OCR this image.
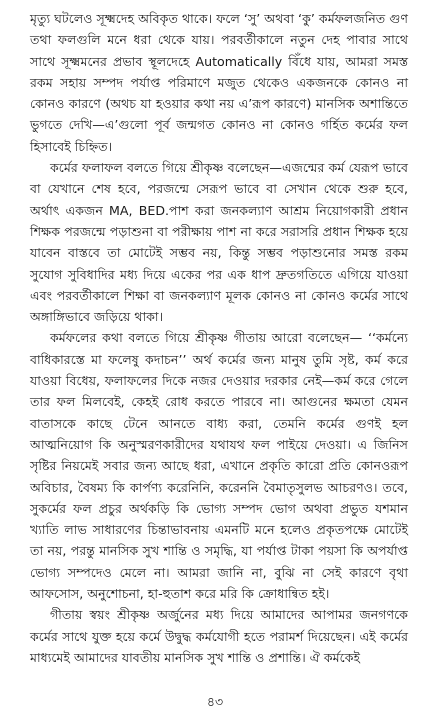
মৃত্যু ঘটলেও সূক্ষ্মদেহ অবিকৃত থাকে। ফলে ‘সু’ অথবা ‘কু’ কর্মফলজনিত গুণ তথা ফলগুলি মনে ধরা থেকে যায়। পরবর্তীকালে নতুন দেহ পাবার সাথে সাথে সূক্ষ্মমনের প্রভাব স্থূলদেহে Automatically বিঁধে যায়, আমরা সমস্ত রকম সহায় সম্পদ পর্যাপ্ত পরিমাণে মজুত থেকেও একজনকে কোনও না কোনও কারণে (অথচ যা হওয়ার কথা নয় এ’রূপ কারণে) মানসিক অশান্তিতে ভুগতে দেখি—এ’গুলো পূর্ব জন্মগত কোনও না কোনও গর্হিত কর্মের ফল হিসাবেই চিহ্নিত।

কর্মের ফলাফল বলতে গিয়ে শ্রীকৃষ্ণ বলেছেন—এজন্মের কর্ম যেরূপ ভাবে বা যেখানে শেষ হবে, পরজন্মে সেরূপ ভাবে বা সেখান থেকে শুরু হবে, অর্থাৎ একজন MA, BED.পাশ করা জনকল্যাণ আশ্রম নিয়োগকারী প্রধান শিক্ষক পরজন্মে পড়াশুনা বা পরীক্ষায় পাশ না করে সরাসরি প্রধান শিক্ষক হয়ে যাবেন বাস্তবে তা মোটেই সম্ভব নয়, কিন্তু সম্ভব পড়াশুনোর সমস্ত রকম সুযোগ সুবিধাদির মধ্য দিয়ে একের পর এক ধাপ দ্রুতগতিতে এগিয়ে যাওয়া এবং পরবর্তীকালে শিক্ষা বা জনকল্যাণ মূলক কোনও না কোনও কর্মের সাথে অঙ্গাঙ্গিভাবে জড়িয়ে থাকা।

কর্মফলের কথা বলতে গিয়ে শ্রীকৃষ্ণ গীতায় আরো বলেছেন— ‘‘কর্মন্যে বাধিকারস্তে মা ফলেষু কদাচন’’ অর্থ কর্মের জন্য মানুষ তুমি সৃষ্ট, কর্ম করে যাওয়া বিধেয়, ফলাফলের দিকে নজর দেওয়ার দরকার নেই—কর্ম করে গেলে তার ফল মিলবেই, কেহই রোধ করতে পারবে না। আগুনের ক্ষমতা যেমন বাতাসকে কাছে টেনে আনতে বাধ্য করা, তেমনি কর্মের গুণই হল আত্মনিয়োগ কি অনুস্মরণকারীদের যথাযথ ফল পাইয়ে দেওয়া। এ জিনিস সৃষ্টির নিয়মেই সবার জন্য আছে ধরা, এখানে প্রকৃতি কারো প্রতি কোনওরূপ অবিচার, বৈষম্য কি কার্পণ্য করেনিনি, করেননি বৈমাতৃসুলভ আচরণও। তবে, সুকর্মের ফল প্রচুর অর্থকড়ি কি ভোগ্য সম্পদ ভোগ অথবা প্রভুত যশমান খ্যাতি লাভ সাধারণের চিন্তাভাবনায় এমনটি মনে হলেও প্রকৃতপক্ষে মোটেই তা নয়, পরন্তু মানসিক সুখ শান্তি ও সমৃদ্ধি, যা পর্যাপ্ত টাকা পয়সা কি অপর্যাপ্ত ভোগ্য সম্পদেও মেলে না। আমরা জানি না, বুঝি না সেই কারণে বৃথা আফসোস, অনুশোচনা, হা-হুতাশ করে মরি কি ক্রোধান্বিত হই।

গীতায় স্বয়ং শ্রীকৃষ্ণ অর্জুনের মধ্য দিয়ে আমাদের আপামর জনগণকে কর্মের সাথে যুক্ত হয়ে কর্মে উদ্বুদ্ধ কর্মযোগী হতে পরামর্শ দিয়েছেন। এই কর্মের মাধ্যমেই আমাদের যাবতীয় মানসিক সুখ শান্তি ও প্রশান্তি। ঐ কর্মকেই

৪৩
